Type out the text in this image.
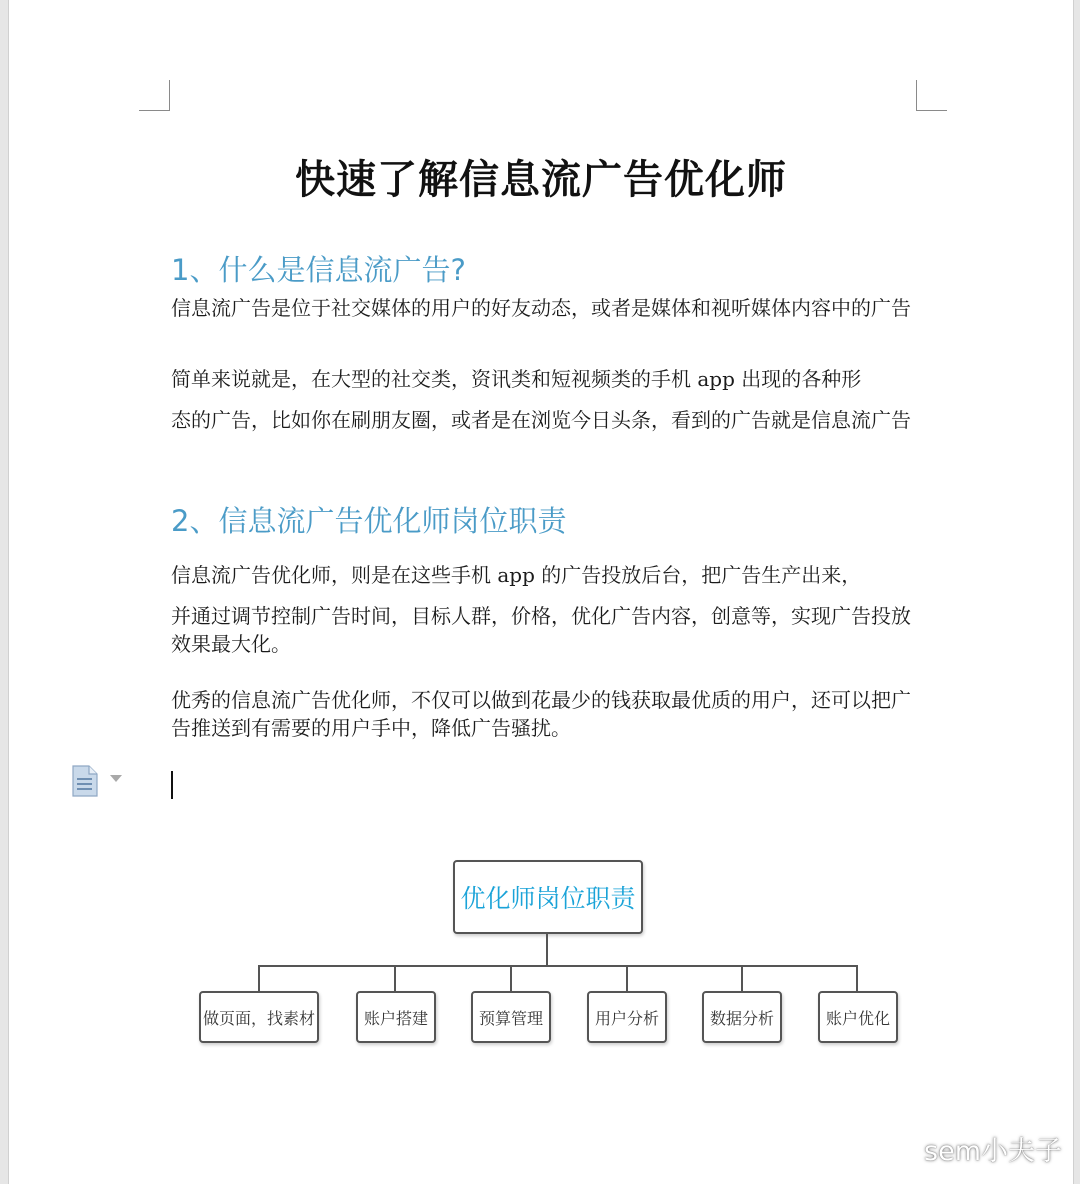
快速了解信息流广告优化师
1、什么是信息流广告?
信息流广告是位于社交媒体的用户的好友动态，或者是媒体和视听媒体内容中的广告
简单来说就是，在大型的社交类，资讯类和短视频类的手机 app 出现的各种形
态的广告，比如你在刷朋友圈，或者是在浏览今日头条，看到的广告就是信息流广告
2、信息流广告优化师岗位职责
信息流广告优化师，则是在这些手机 app 的广告投放后台，把广告生产出来，
并通过调节控制广告时间，目标人群，价格，优化广告内容，创意等，实现广告投放效果最大化。
优秀的信息流广告优化师，不仅可以做到花最少的钱获取最优质的用户，还可以把广告推送到有需要的用户手中，降低广告骚扰。
优化师岗位职责
做页面，找素材	账户搭建	预算管理	用户分析	数据分析	账户优化
sem小夫子
